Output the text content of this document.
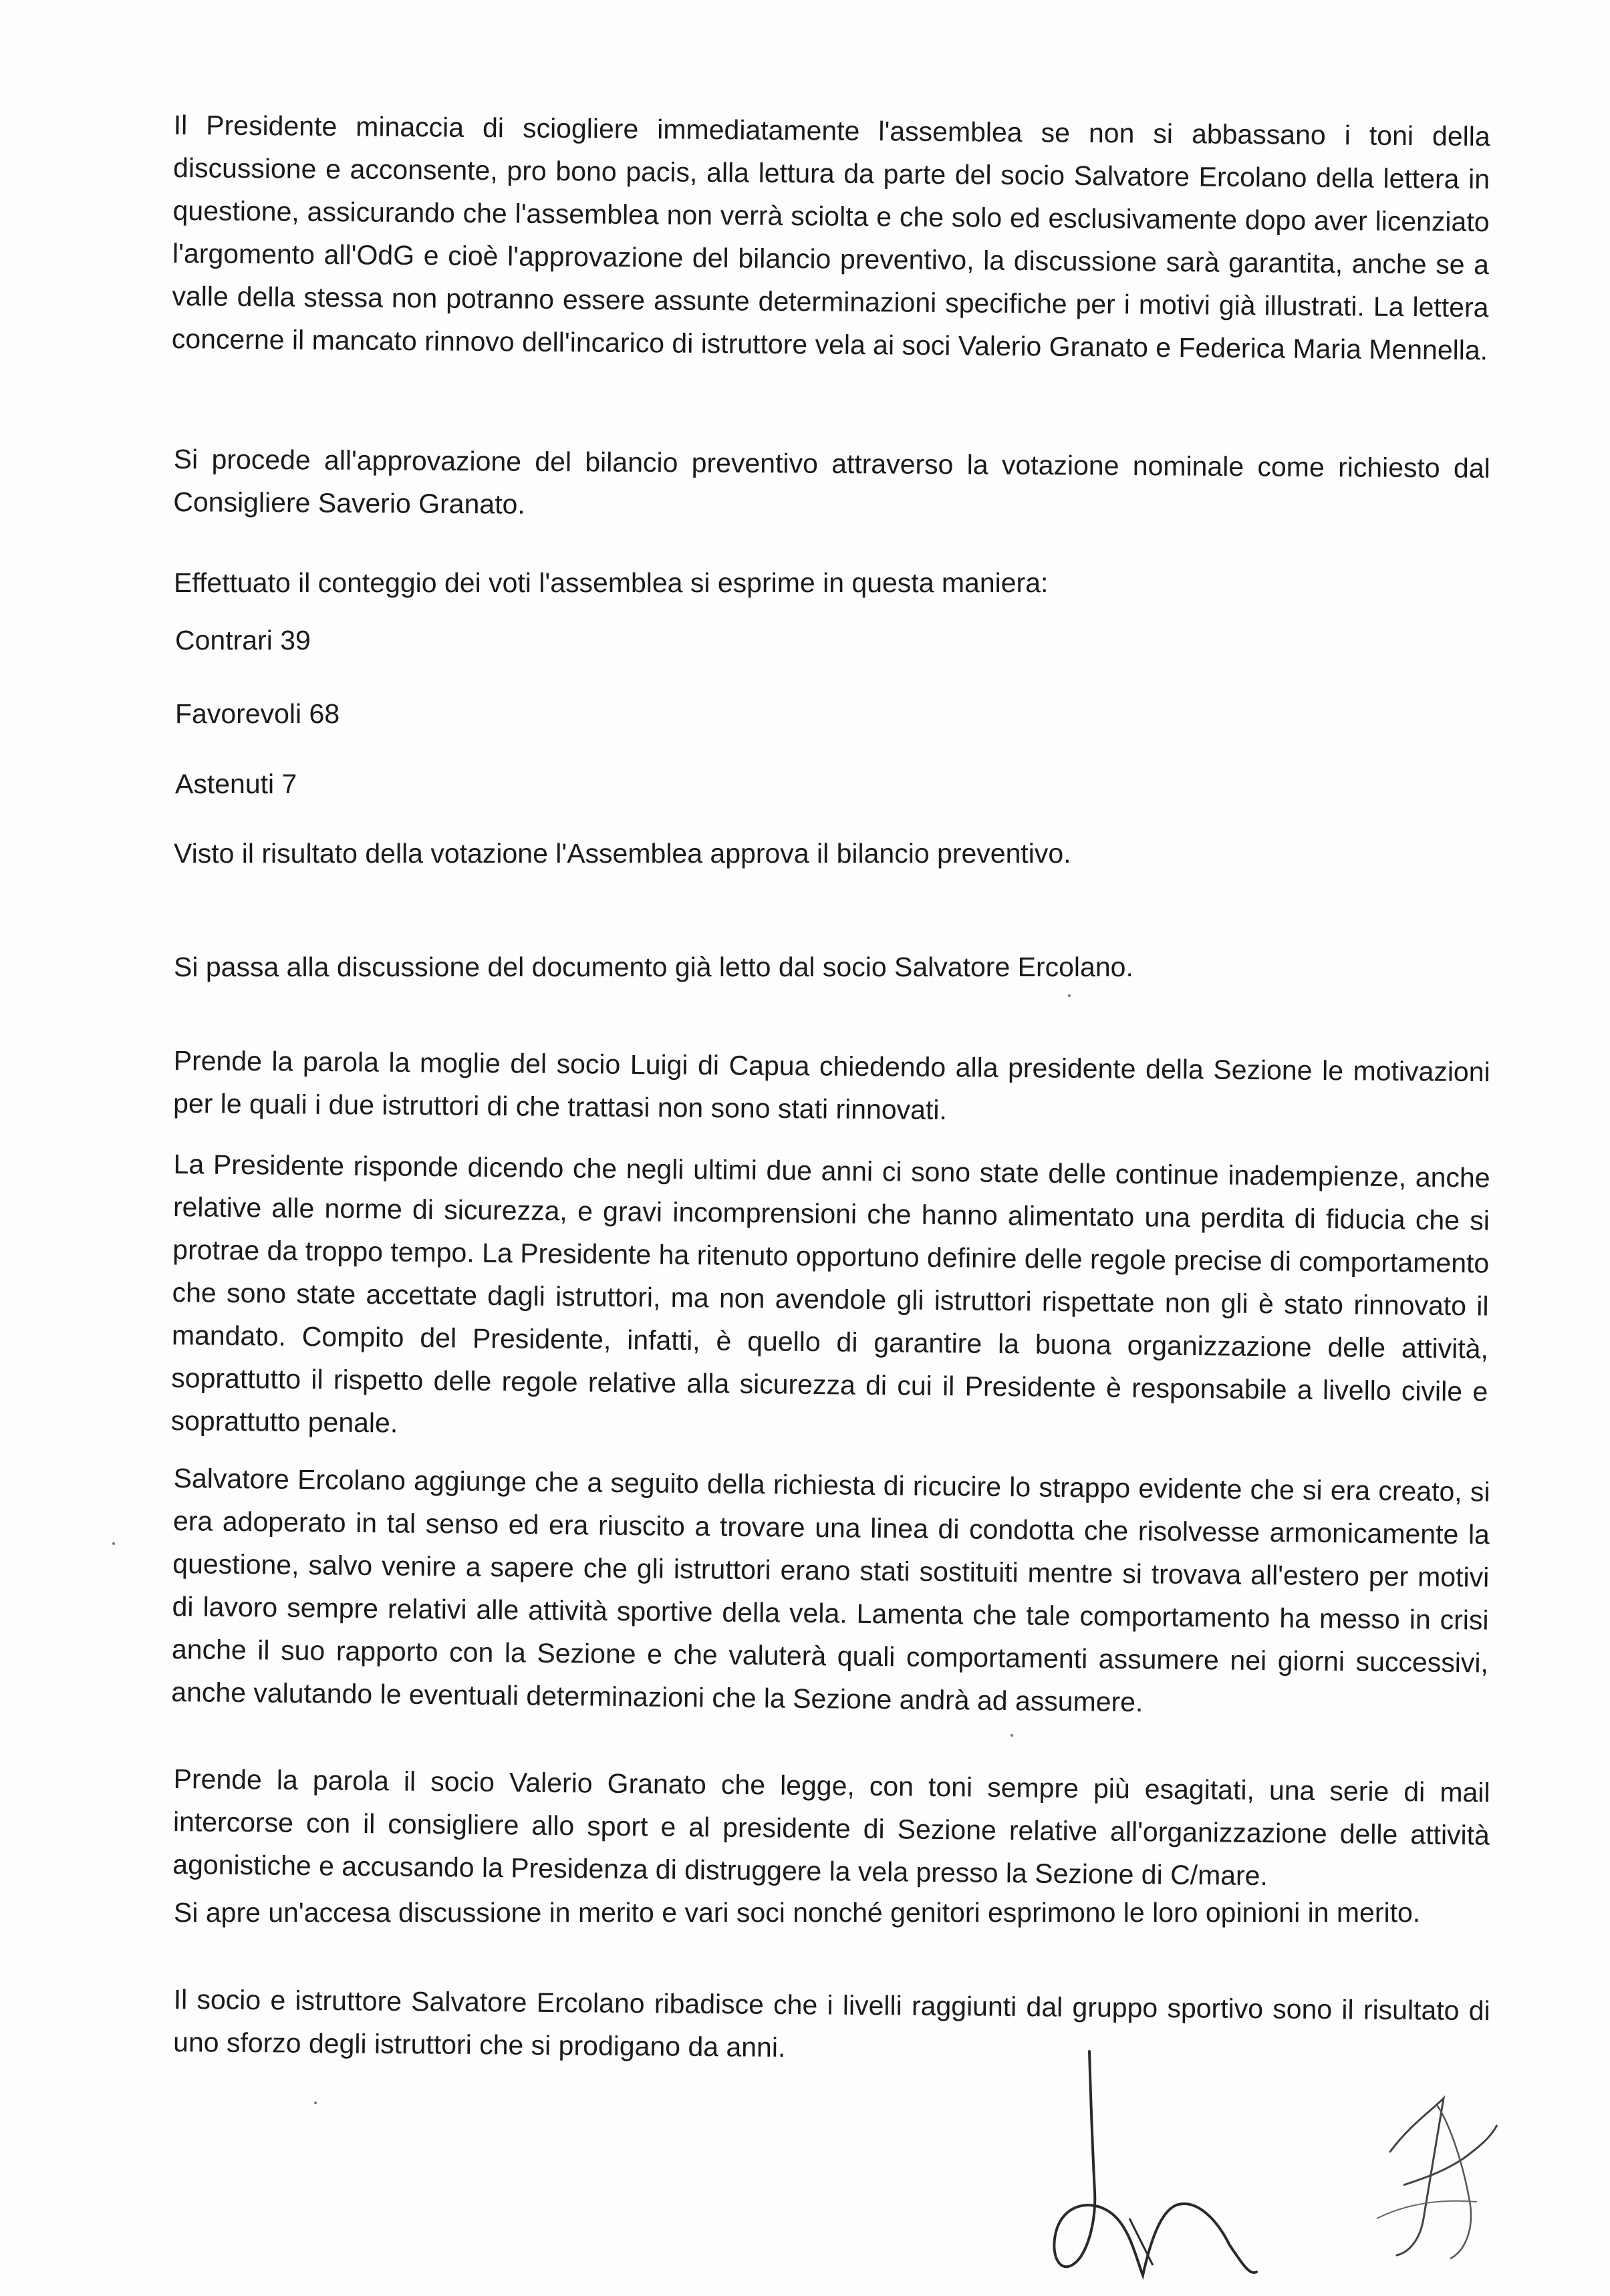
Il Presidente minaccia di sciogliere immediatamente l'assemblea se non si abbassano i toni della discussione e acconsente, pro bono pacis, alla lettura da parte del socio Salvatore Ercolano della lettera in questione, assicurando che l'assemblea non verrà sciolta e che solo ed esclusivamente dopo aver licenziato l'argomento all'OdG e cioè l'approvazione del bilancio preventivo, la discussione sarà garantita, anche se a valle della stessa non potranno essere assunte determinazioni specifiche per i motivi già illustrati. La lettera concerne il mancato rinnovo dell'incarico di istruttore vela ai soci Valerio Granato e Federica Maria Mennella.

Si procede all'approvazione del bilancio preventivo attraverso la votazione nominale come richiesto dal Consigliere Saverio Granato.

Effettuato il conteggio dei voti l'assemblea si esprime in questa maniera:

Contrari 39
Favorevoli 68
Astenuti 7

Visto il risultato della votazione l'Assemblea approva il bilancio preventivo.

Si passa alla discussione del documento già letto dal socio Salvatore Ercolano.

Prende la parola la moglie del socio Luigi di Capua chiedendo alla presidente della Sezione le motivazioni per le quali i due istruttori di che trattasi non sono stati rinnovati.

La Presidente risponde dicendo che negli ultimi due anni ci sono state delle continue inadempienze, anche relative alle norme di sicurezza, e gravi incomprensioni che hanno alimentato una perdita di fiducia che si protrae da troppo tempo. La Presidente ha ritenuto opportuno definire delle regole precise di comportamento che sono state accettate dagli istruttori, ma non avendole gli istruttori rispettate non gli è stato rinnovato il mandato. Compito del Presidente, infatti, è quello di garantire la buona organizzazione delle attività, soprattutto il rispetto delle regole relative alla sicurezza di cui il Presidente è responsabile a livello civile e soprattutto penale.

Salvatore Ercolano aggiunge che a seguito della richiesta di ricucire lo strappo evidente che si era creato, si era adoperato in tal senso ed era riuscito a trovare una linea di condotta che risolvesse armonicamente la questione, salvo venire a sapere che gli istruttori erano stati sostituiti mentre si trovava all'estero per motivi di lavoro sempre relativi alle attività sportive della vela. Lamenta che tale comportamento ha messo in crisi anche il suo rapporto con la Sezione e che valuterà quali comportamenti assumere nei giorni successivi, anche valutando le eventuali determinazioni che la Sezione andrà ad assumere.

Prende la parola il socio Valerio Granato che legge, con toni sempre più esagitati, una serie di mail intercorse con il consigliere allo sport e al presidente di Sezione relative all'organizzazione delle attività agonistiche e accusando la Presidenza di distruggere la vela presso la Sezione di C/mare.

Si apre un'accesa discussione in merito e vari soci nonché genitori esprimono le loro opinioni in merito.

Il socio e istruttore Salvatore Ercolano ribadisce che i livelli raggiunti dal gruppo sportivo sono il risultato di uno sforzo degli istruttori che si prodigano da anni.
